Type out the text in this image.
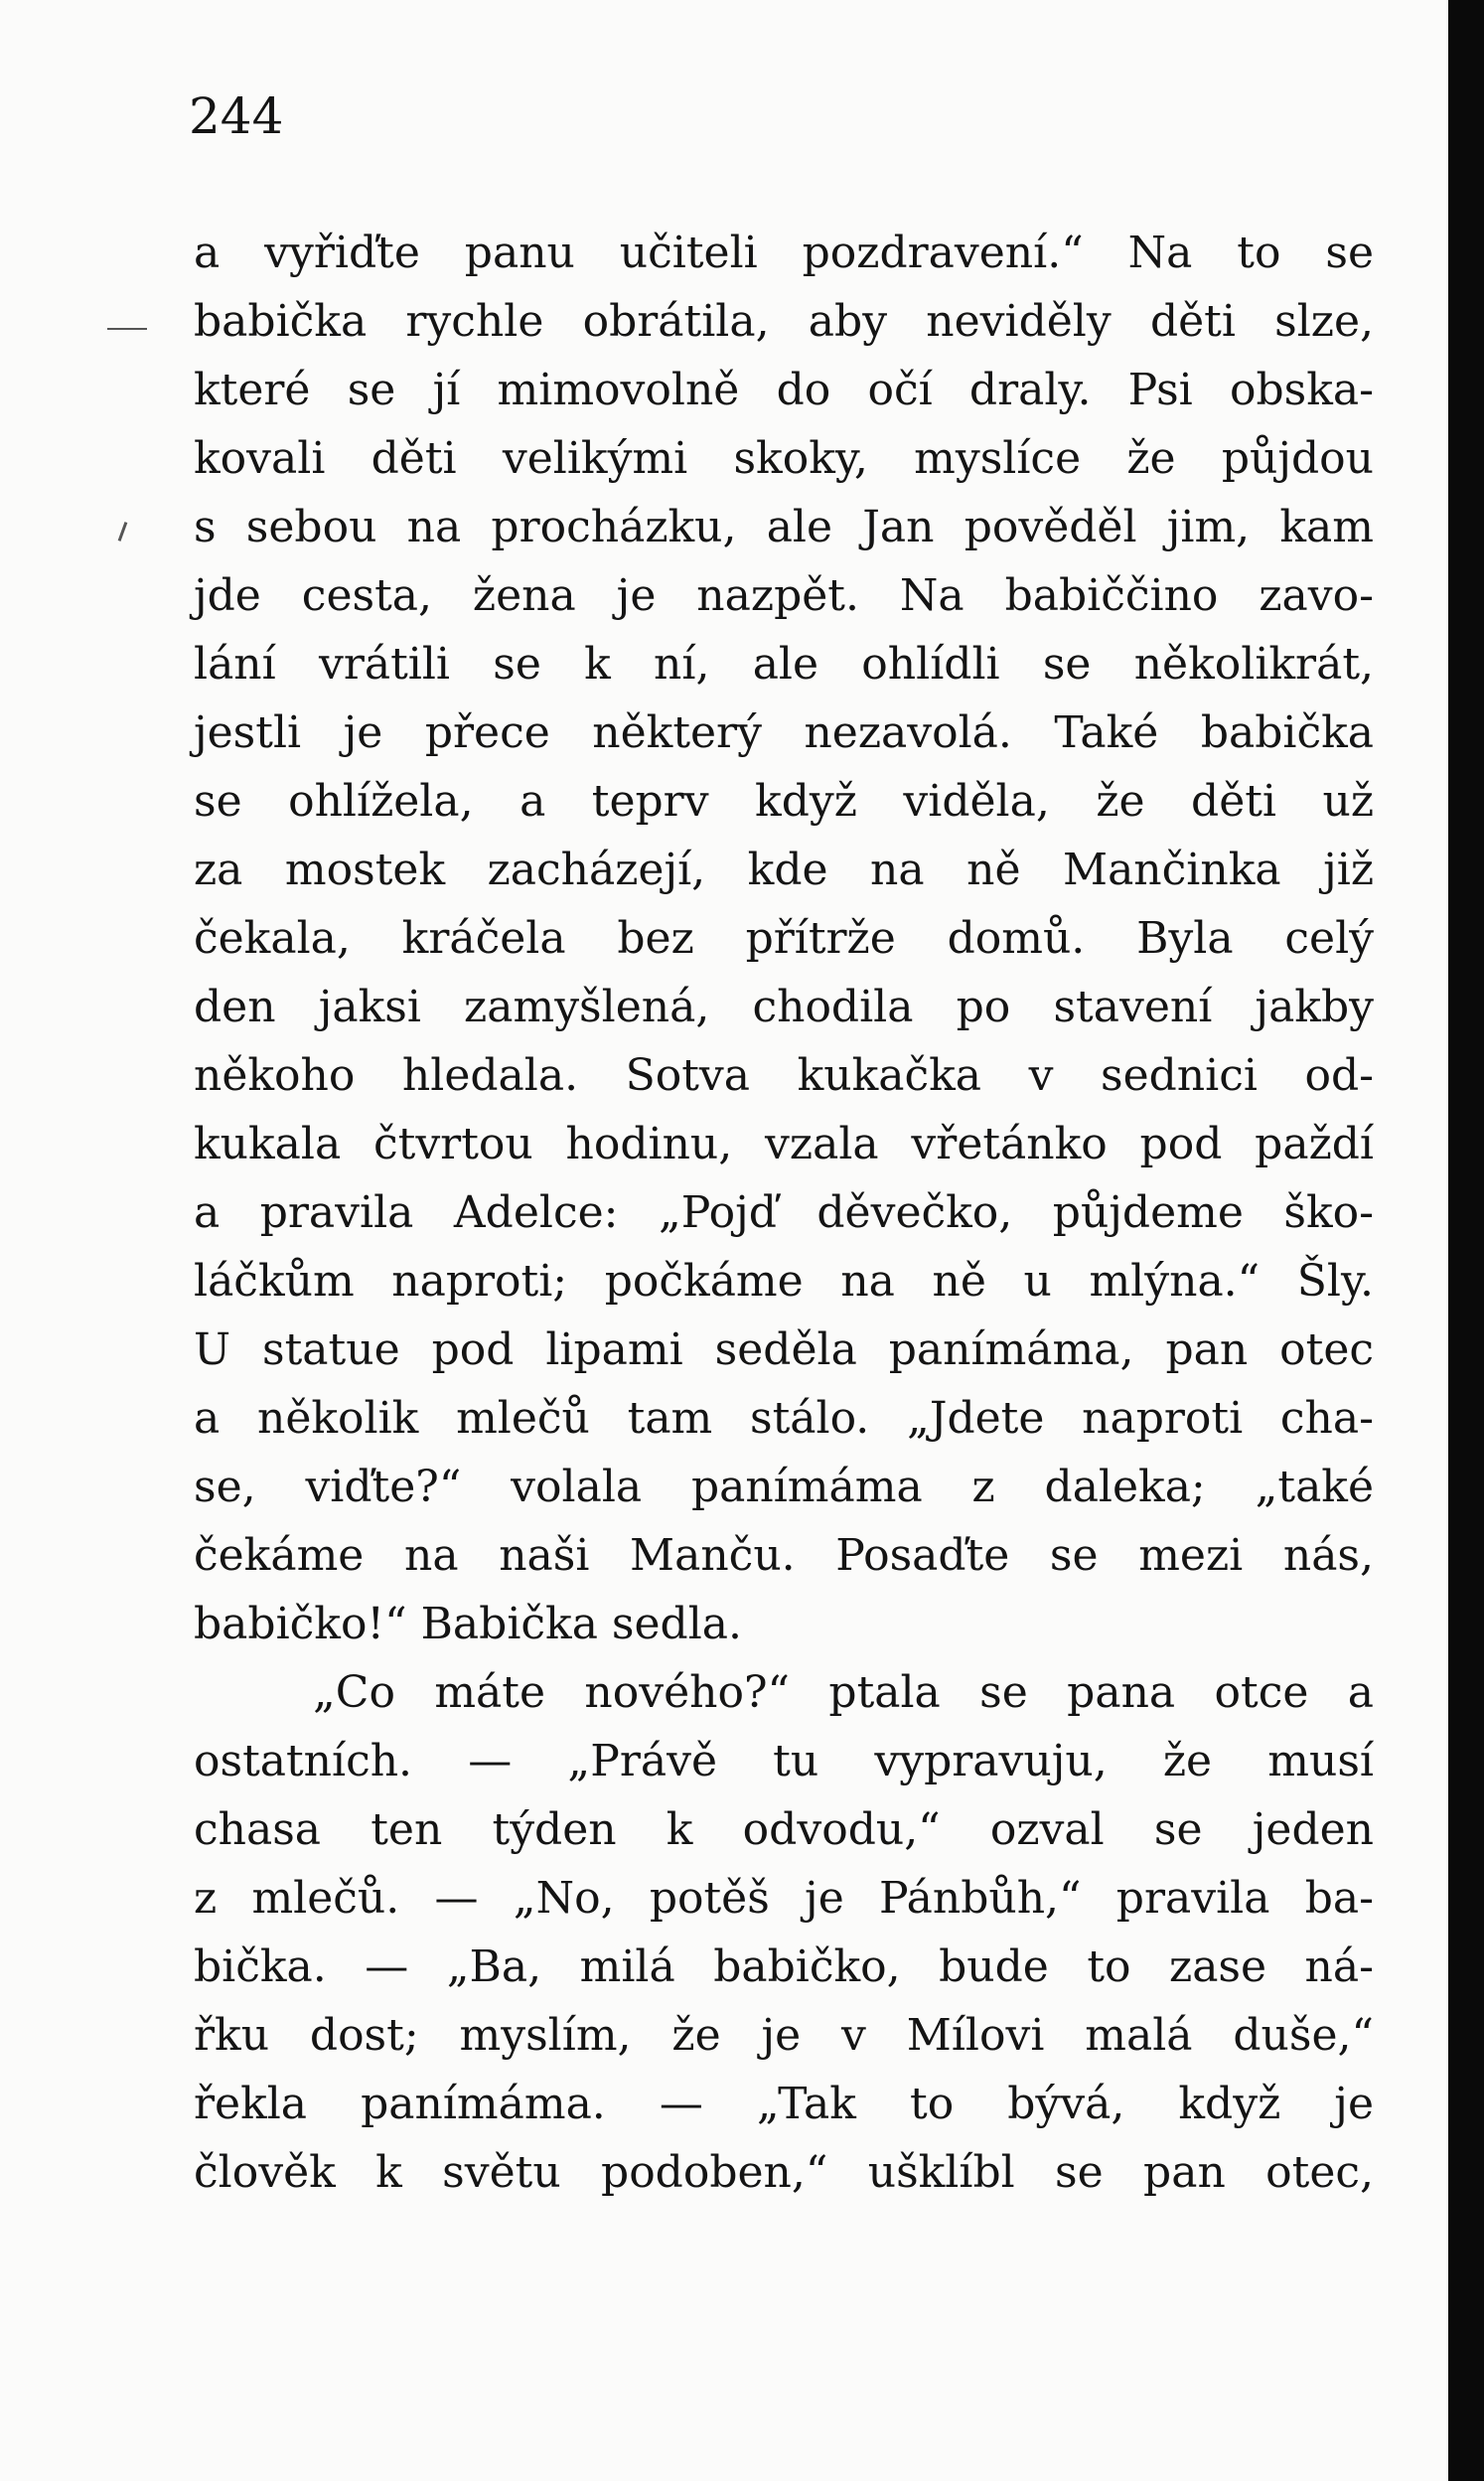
244
a vyřiďte panu učiteli pozdravení.“ Na to se
babička rychle obrátila, aby neviděly děti slze,
které se jí mimovolně do očí draly. Psi obska-
kovali děti velikými skoky, myslíce že půjdou
s sebou na procházku, ale Jan pověděl jim, kam
jde cesta, žena je nazpět. Na babiččino zavo-
lání vrátili se k ní, ale ohlídli se několikrát,
jestli je přece některý nezavolá. Také babička
se ohlížela, a teprv když viděla, že děti už
za mostek zacházejí, kde na ně Mančinka již
čekala, kráčela bez přítrže domů. Byla celý
den jaksi zamyšlená, chodila po stavení jakby
někoho hledala. Sotva kukačka v sednici od-
kukala čtvrtou hodinu, vzala vřetánko pod paždí
a pravila Adelce: „Pojď děvečko, půjdeme ško-
láčkům naproti; počkáme na ně u mlýna.“ Šly.
U statue pod lipami seděla panímáma, pan otec
a několik mlečů tam stálo. „Jdete naproti cha-
se, viďte?“ volala panímáma z daleka; „také
čekáme na naši Manču. Posaďte se mezi nás,
babičko!“ Babička sedla.
„Co máte nového?“ ptala se pana otce a
ostatních. — „Právě tu vypravuju, že musí
chasa ten týden k odvodu,“ ozval se jeden
z mlečů. — „No, potěš je Pánbůh,“ pravila ba-
bička. — „Ba, milá babičko, bude to zase ná-
řku dost; myslím, že je v Mílovi malá duše,“
řekla panímáma. — „Tak to bývá, když je
člověk k světu podoben,“ ušklíbl se pan otec,
